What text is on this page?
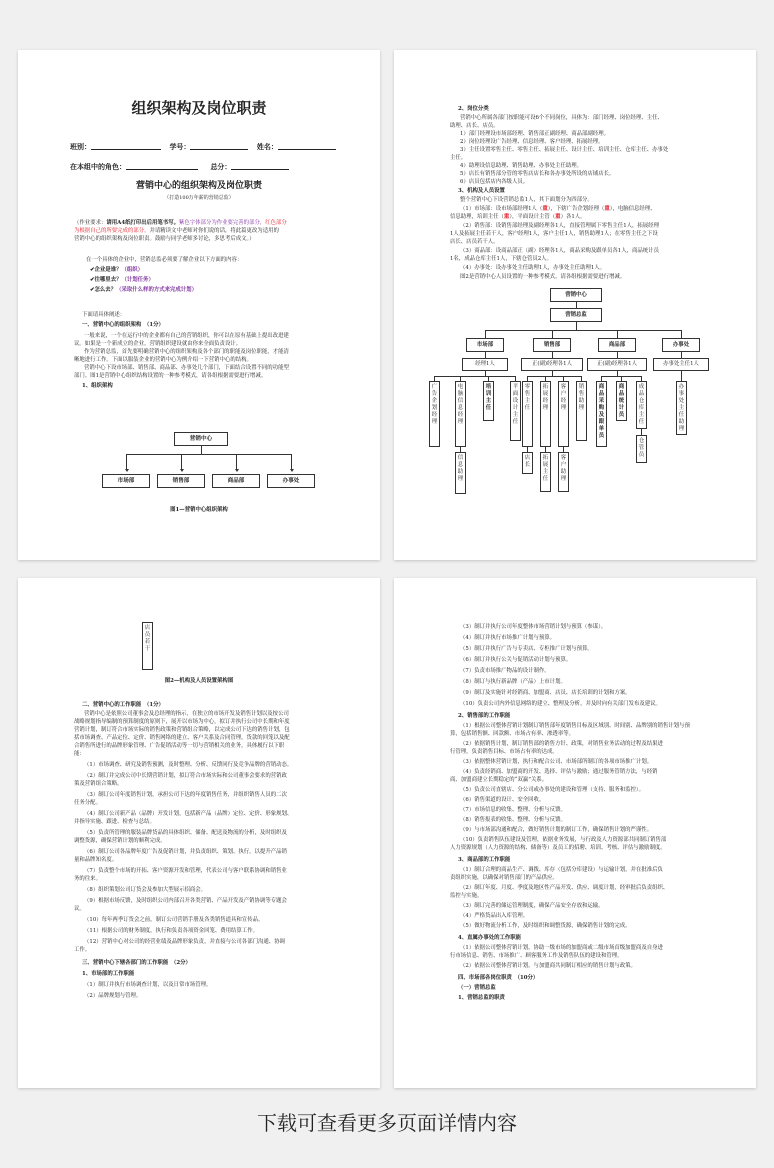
组织架构及岗位职责
班别：	学号：	姓名：
在本组中的角色：	总分：
营销中心的组织架构及岗位职责
（打造100万年薪的营销总监）
（作业要求：请用A4纸打印出后用笔书写。紫色字体部分为作业要完善的部分，红色部分
为根据自己的所要完成的部分，并请精读文中老师对你们说的话，将此篇更改为适用的
营销中心的组织架构及岗位职责。鼓励与同学老师多讨论，多思考后成文。）
在一个具体的企业中，营销总监必须要了解企业以下方面的内容：
✔企业是谁？（组织）
✔往哪里去？（计划任务）
✔怎么去？（采取什么样的方式来完成计划）
下面请具体阐述：
一、营销中心的组织架构　（1分）
一般来说，一个在运行中的企业都有自己的营销组织，你可以在原有基础上提出改进建
议。如果是一个新成立的企业，营销组织建设就由你来全面负责设计。
作为营销总监，首先要明确营销中心的组织架构及各个部门的职能及岗位职能，才能清
晰地进行工作。下面以服装企业的营销中心为例介绍一下营销中心的结构。
营销中心下设市场部、销售部、商品部、办事处几个部门，下面结合设置不同的功能型
部门。图1是营销中心组织结构设置的一种参考模式，请各组根据需要进行增减。
1、组织架构
营销中心
市场部	销售部	商品部	办事处
图1—营销中心组织架构
2、岗位分类
营销中心所属各部门按职能可设6个不同岗位，具体为：部门经理、岗位经理、主任、
助理、店长、店员。
1）部门经理设市场部经理、销售部正副经理、商品部副经理。
2）岗位经理设广告经理、信息经理、客户经理、拓展经理。
3）主任设置零售主任、零售主任、拓展主任、设计主任、培训主任、仓库主任、办事处
主任。
4）助理设信息助理、销售助理、办事处主任助理。
5）店长有销售部分管的零售店店长和各办事处所设的店铺店长。
6）店员包括店内各级人员。
3、机构及人员设置
整个营销中心下设营销总监1人，其下面划分为四部分。
（1）市场部：设市场部经理1人（重），下辖广告企划经理（重），电脑信息经理、
信息助理，培训主任（重），平面设计主管（重）各1人。
（2）销售部：设销售部经理及副经理各1人，直接管理属下零售主任1人，拓展经理
1人及拓展主任若干人，客户经理1人，客户主任1人，销售助理1人；在零售主任之下设
店长、店员若干人。
（3）商品部：设商品部正（副）经理各1人，商品采购及跟单员各1人，商品统计员
1名，成品仓库主任1人，下辖仓管员2人。
（4）办事处：设办事处主任助理1人，办事处主任助理1人。
图2是营销中心人员设置的一种参考模式，请各组根据需要进行增减。
营销中心
营销总监
市场部	销售部	商品部	办事处
经理1人	正(副)经理各1人	正(副)经理各1人	办事处主任1人
广告企划经理
电脑信息经理
培训主任
平面设计主任
信息助理
零售主任
拓展经理
客户经理
销售助理
店长
拓展主任
客户助理
商品采购及跟单员
商品统计员
成品仓库主任
仓管员
办事处主任助理
店员若干
图2—机构及人员设置架构图
二、营销中心的工作职能　（1分）
营销中心是依照公司董事会及总经理的指示，在独立的市场开发及销售计划以及按公司
战略规划指导编制的预算制度的原则下，展开以市场为中心，拟订并执行公司中长期和年度
营销计划，制订符合市场实际的销售政策和营销组合策略，以完成公司下达的销售计划，包
括市场调查、产品定位、定价、销售网络的建立、客户关系及合同管理，货款的回笼以及配
合销售所进行的品牌形象管理、广告促销活动等一切与营销相关的业务，具体履行以下职
能：
（1）市场调查、研究及销售预测，及时整理、分析、反馈同行及竞争品牌的营销动态。
（2）制订并完成公司中长期营销计划，拟订符合市场实际和公司董事会要求的营销政
策及营销组合策略。
（3）制订公司年度销售计划，承担公司下达的年度销售任务，并组织销售人员的二次
任务分配。
（4）制订公司新产品（品牌）开发计划，包括新产品（品牌）定位、定价、形象规划、
并指导实施、跟进、检查与总结。
（5）负责所管理的服装品牌货品的具体组织、储备、配送及物流的分析，及时组织及
调整货源，确保营销计划的顺利完成。
（6）制订公司各品牌年度广告及促销计划，并负责组织、策划、执行，以提升产品销
量和品牌知名度。
（7）负责整个市场的开拓、客户资源开发和管理，代表公司与客户联系协调和销售业
务的往来。
（8）组织策划公司订货会及参加大型展示招商会。
（9）根据市场反馈，及时组织公司内部召开各类营销、产品开发及产销协调等专题会
议。
（10）每年两季订货会之前，制订公司营销手册及各类销售道具和宣传品。
（11）根据公司的财务制度，执行和负责各项资金回笼、费用结算工作。
（12）营销中心对公司的经营业绩及品牌形象负责，并直接与公司各部门沟通、协调
工作。
三、营销中心下辖各部门的工作职能　（2分）
1、市场部的工作职能
（1）制订并执行市场调查计划，以及日常市场管理。
（2）品牌规划与管理。
（3）制订并执行公司年度整体市场营销计划与预算（参谋）。
（4）制订并执行市场推广计划与预算。
（5）制订并执行广告与专卖店、专柜推广计划与预算。
（6）制订并执行公关与促销活动计划与预算。
（7）负责市场推广物品的设计制作。
（8）制订与执行新品牌（产品）上市计划。
（9）制订及实施针对经销商、加盟商、店员、店长培训的计划和方案。
（10）负责公司内外信息网络的建立、整理及分析，并及时向有关部门发布及建议。
2、销售部的工作职能
（1）根据公司整体营销计划制订销售部年度销售目标及区域别、时间别、品牌别的销售计划与预
算，包括销售额、回款额、市场占有率、渗透率等。
（2）依据销售计划，制订销售部的销售方针、政策，对销售业务活动的过程及结果进
行管理，负责销售目标、市场占有率的达成。
（3）依据整体营销计划，执行和配合公司、市场部所制订的各项市场推广计划。
（4）负责经销商、加盟商的开发、选择、评估与激励；通过服务管销方法，与经销
商、加盟商建立长期稳定的“双赢”关系。
（5）负责公司直辖店、分公司或办事处的建设和管理（支持、服务和监控）。
（6）销售渠道的设计、安全回收。
（7）市场信息的收集、整理、分析与反馈。
（8）销售报表的收集、整理、分析与反馈。
（9）与市场部沟通和配合，做好销售计划的制订工作，确保销售计划的严谨性。
（10）负责销售队伍建设及管理，依据业务发展，与行政及人力资源部共同制订销售部
人力资源规划（人力资源的结构、储备等）及员工的招聘、培训、考核、评估与激励制度。
3、商品部的工作职能
（1）制订合理的商品生产、调拨、库存（包括分库建设）与运输计划，并在批准后负
责组织实施，以确保对销售部门的产品供应。
（2）制订年度、月度、季度及地区性产品开发、供应、调度计划，经审批后负责组织、
监控与实施。
（3）制订完善的储运管理制度，确保产品安全存放和运输。
（4）严格货品出入库管理。
（5）做好物流分析工作，及时组织和调整货源，确保销售计划的完成。
4、直属办事处的工作职能
（1）依据公司整体营销计划，协助一级市场的加盟商或二级市场首级加盟商及自身进
行市场信息、销售、市场推广、顾客服务工作及销售队伍的建设和管理。
（2）依据公司整体营销计划，与加盟商共同制订相应的销售计划与政策。
四、市场部各岗位职责　（10分）
（一）营销总监
1、营销总监的职责
下载可查看更多页面详情内容
